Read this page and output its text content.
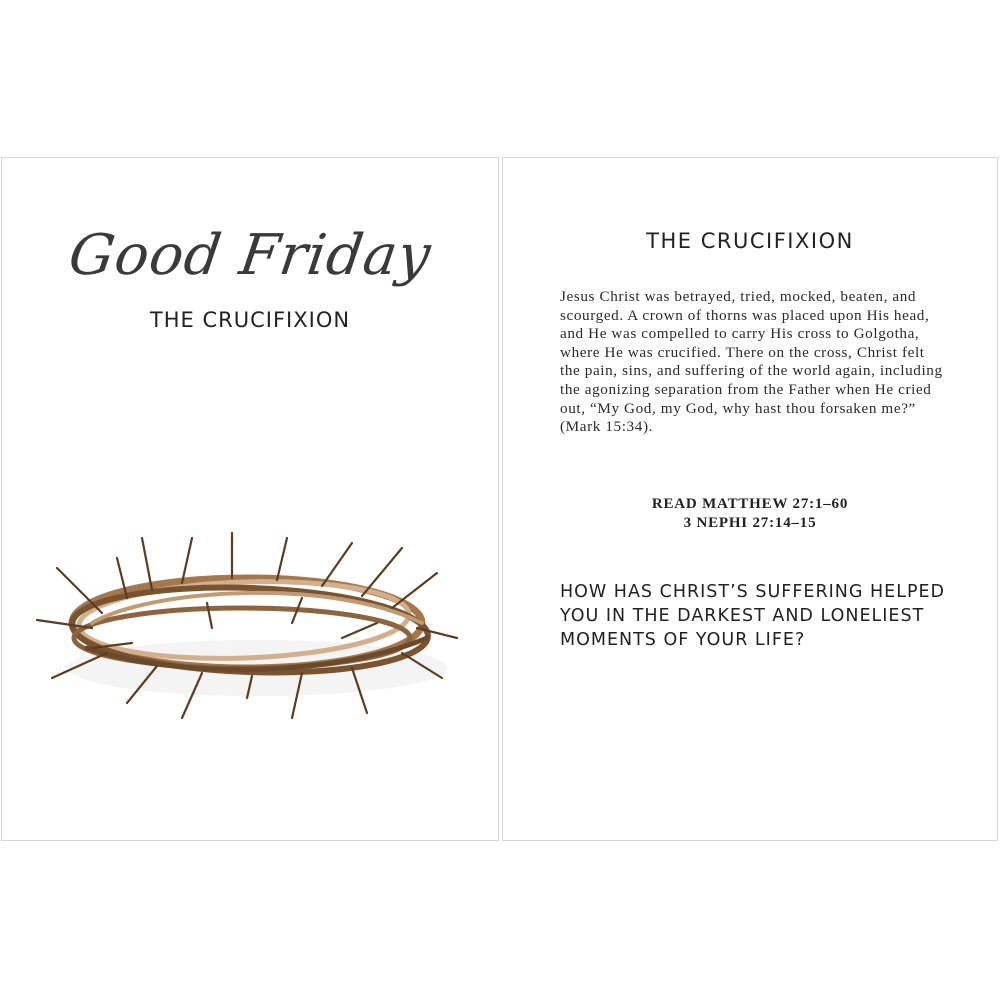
Good Friday
THE CRUCIFIXION
THE CRUCIFIXION
Jesus Christ was betrayed, tried, mocked, beaten, and scourged. A crown of thorns was placed upon His head, and He was compelled to carry His cross to Golgotha, where He was crucified. There on the cross, Christ felt the pain, sins, and suffering of the world again, including the agonizing separation from the Father when He cried out, “My God, my God, why hast thou forsaken me?” (Mark 15:34).
READ MATTHEW 27:1–60
3 NEPHI 27:14–15
HOW HAS CHRIST’S SUFFERING HELPED YOU IN THE DARKEST AND LONELIEST MOMENTS OF YOUR LIFE?
